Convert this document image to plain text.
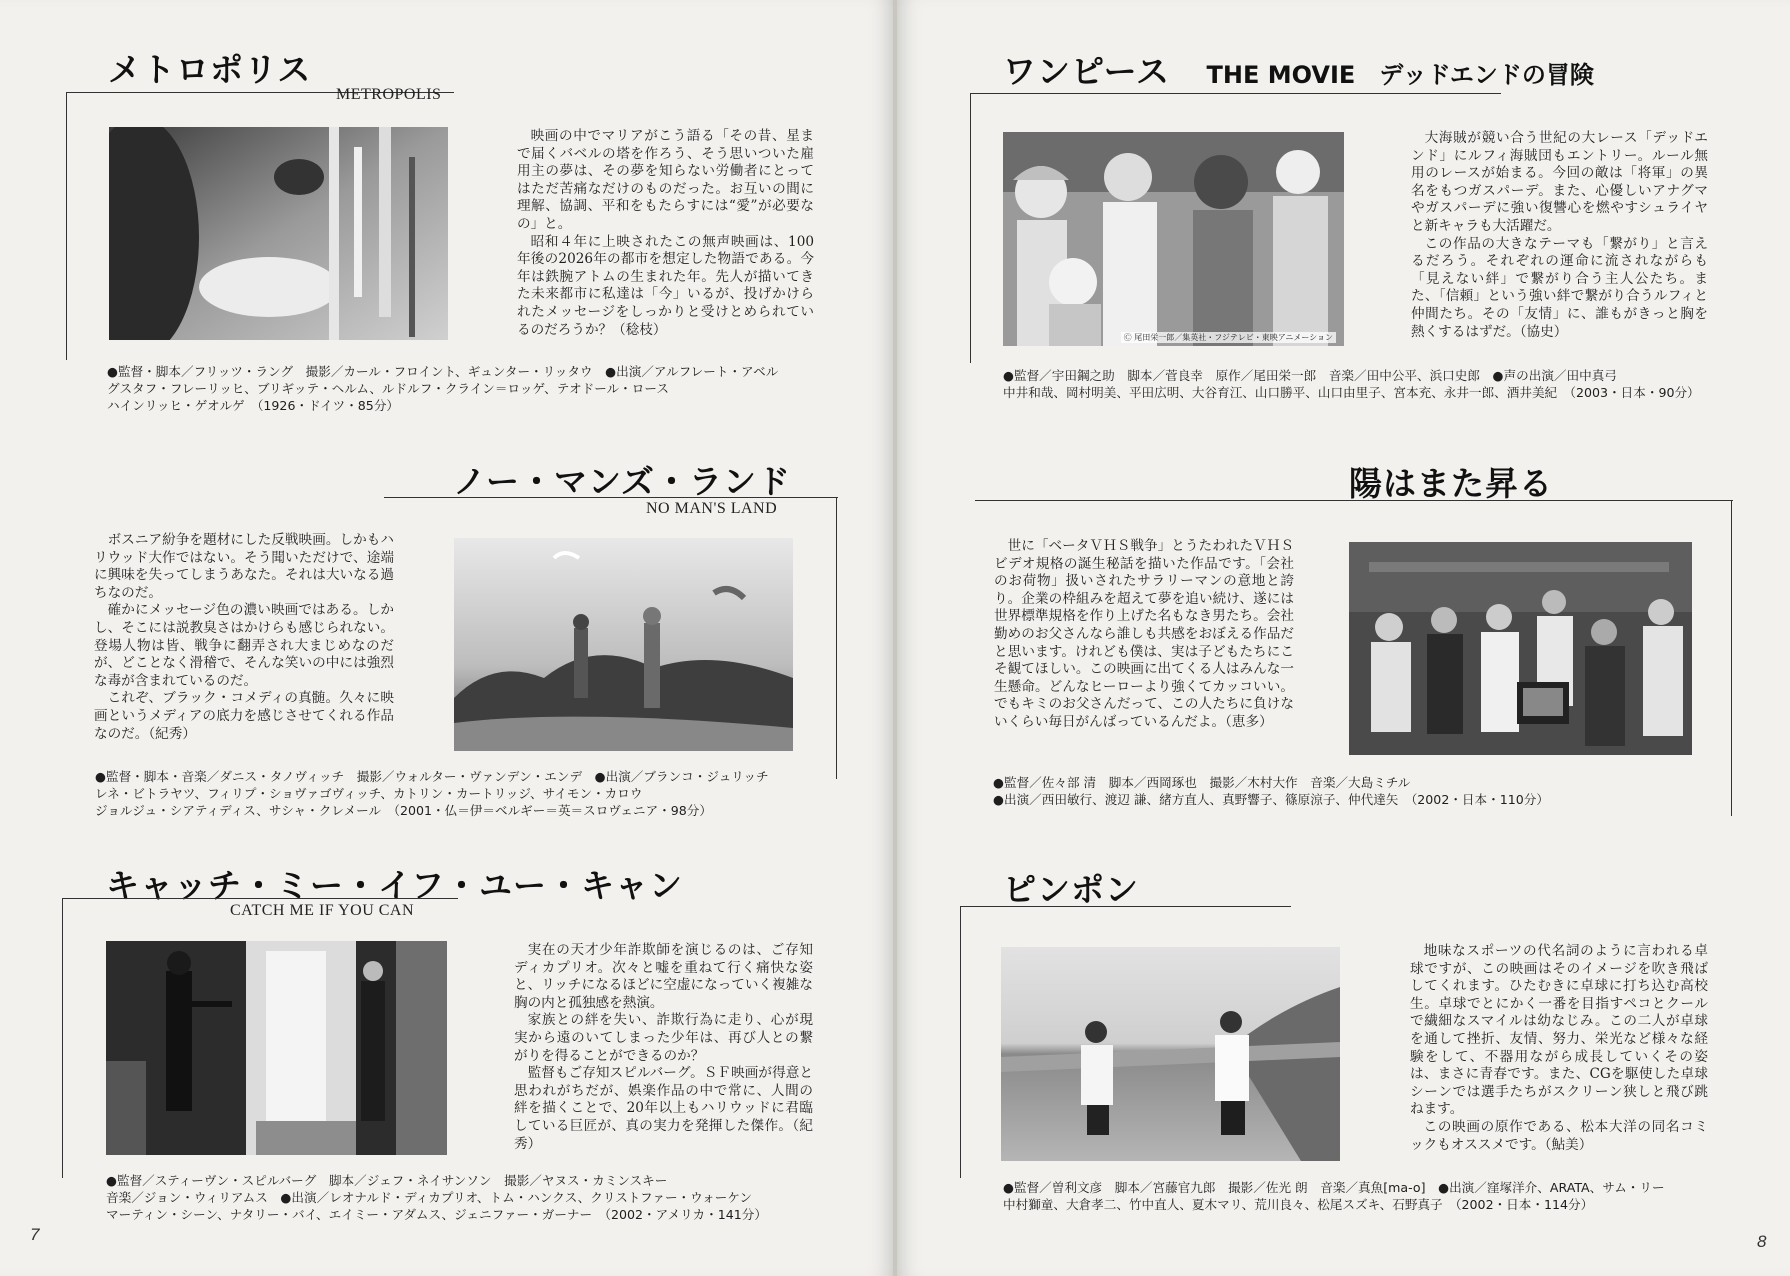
メトロポリス
METROPOLIS

映画の中でマリアがこう語る「その昔、星まで届くバベルの塔を作ろう、そう思いついた雇用主の夢は、その夢を知らない労働者にとってはただ苦痛なだけのものだった。お互いの間に理解、協調、平和をもたらすには“愛”が必要なの」と。

昭和４年に上映されたこの無声映画は、100年後の2026年の都市を想定した物語である。今年は鉄腕アトムの生まれた年。先人が描いてきた未来都市に私達は「今」いるが、投げかけられたメッセージをしっかりと受けとめられているのだろうか？（稔枝）

●監督・脚本／フリッツ・ラング　撮影／カール・フロイント、ギュンター・リッタウ　●出演／アルフレート・アベル
グスタフ・フレーリッヒ、ブリギッテ・ヘルム、ルドルフ・クライン＝ロッゲ、テオドール・ロース
ハインリッヒ・ゲオルゲ　（1926・ドイツ・85分）
ノー・マンズ・ランド
NO MAN'S LAND

ボスニア紛争を題材にした反戦映画。しかもハリウッド大作ではない。そう聞いただけで、途端に興味を失ってしまうあなた。それは大いなる過ちなのだ。

確かにメッセージ色の濃い映画ではある。しかし、そこには説教臭さはかけらも感じられない。登場人物は皆、戦争に翻弄され大まじめなのだが、どことなく滑稽で、そんな笑いの中には強烈な毒が含まれているのだ。

これぞ、ブラック・コメディの真髄。久々に映画というメディアの底力を感じさせてくれる作品なのだ。（紀秀）

●監督・脚本・音楽／ダニス・タノヴィッチ　撮影／ウォルター・ヴァンデン・エンデ　●出演／ブランコ・ジュリッチ
レネ・ビトラヤツ、フィリプ・ショヴァゴヴィッチ、カトリン・カートリッジ、サイモン・カロウ
ジョルジュ・シアティディス、サシャ・クレメール　（2001・仏＝伊＝ベルギー＝英＝スロヴェニア・98分）
キャッチ・ミー・イフ・ユー・キャン
CATCH ME IF YOU CAN

実在の天才少年詐欺師を演じるのは、ご存知ディカプリオ。次々と嘘を重ねて行く痛快な姿と、リッチになるほどに空虚になっていく複雑な胸の内と孤独感を熱演。

家族との絆を失い、詐欺行為に走り、心が現実から遠のいてしまった少年は、再び人との繋がりを得ることができるのか？

監督もご存知スピルバーグ。ＳＦ映画が得意と思われがちだが、娯楽作品の中で常に、人間の絆を描くことで、20年以上もハリウッドに君臨している巨匠が、真の実力を発揮した傑作。（紀秀）

●監督／スティーヴン・スピルバーグ　脚本／ジェフ・ネイサンソン　撮影／ヤヌス・カミンスキー
音楽／ジョン・ウィリアムス　●出演／レオナルド・ディカプリオ、トム・ハンクス、クリストファー・ウォーケン
マーティン・シーン、ナタリー・バイ、エイミー・アダムス、ジェニファー・ガーナー　（2002・アメリカ・141分）
7
ワンピース THE MOVIE　デッドエンドの冒険
Ⓒ 尾田栄一郎／集英社・フジテレビ・東映アニメーション

大海賊が競い合う世紀の大レース「デッドエンド」にルフィ海賊団もエントリー。ルール無用のレースが始まる。今回の敵は「将軍」の異名をもつガスパーデ。また、心優しいアナグマやガスパーデに強い復讐心を燃やすシュライヤと新キャラも大活躍だ。

この作品の大きなテーマも「繋がり」と言えるだろう。それぞれの運命に流されながらも「見えない絆」で繋がり合う主人公たち。また、「信頼」という強い絆で繋がり合うルフィと仲間たち。その「友情」に、誰もがきっと胸を熱くするはずだ。（協史）

●監督／宇田鋼之助　脚本／菅良幸　原作／尾田栄一郎　音楽／田中公平、浜口史郎　●声の出演／田中真弓
中井和哉、岡村明美、平田広明、大谷育江、山口勝平、山口由里子、宮本充、永井一郎、酒井美紀　（2003・日本・90分）
陽はまた昇る

世に「ベータＶＨＳ戦争」とうたわれたＶＨＳビデオ規格の誕生秘話を描いた作品です。「会社のお荷物」扱いされたサラリーマンの意地と誇り。企業の枠組みを超えて夢を追い続け、遂には世界標準規格を作り上げた名もなき男たち。会社勤めのお父さんなら誰しも共感をおぼえる作品だと思います。けれども僕は、実は子どもたちにこそ観てほしい。この映画に出てくる人はみんな一生懸命。どんなヒーローより強くてカッコいい。でもキミのお父さんだって、この人たちに負けないくらい毎日がんばっているんだよ。（恵多）

●監督／佐々部 清　脚本／西岡琢也　撮影／木村大作　音楽／大島ミチル
●出演／西田敏行、渡辺 謙、緒方直人、真野響子、篠原涼子、仲代達矢　（2002・日本・110分）
ピンポン

地味なスポーツの代名詞のように言われる卓球ですが、この映画はそのイメージを吹き飛ばしてくれます。ひたむきに卓球に打ち込む高校生。卓球でとにかく一番を目指すペコとクールで繊細なスマイルは幼なじみ。この二人が卓球を通して挫折、友情、努力、栄光など様々な経験をして、不器用ながら成長していくその姿は、まさに青春です。また、CGを駆使した卓球シーンでは選手たちがスクリーン狭しと飛び跳ねます。

この映画の原作である、松本大洋の同名コミックもオススメです。（鮎美）

●監督／曽利文彦　脚本／宮藤官九郎　撮影／佐光 朗　音楽／真魚[ma-o]　●出演／窪塚洋介、ARATA、サム・リー
中村獅童、大倉孝二、竹中直人、夏木マリ、荒川良々、松尾スズキ、石野真子　（2002・日本・114分）
8
